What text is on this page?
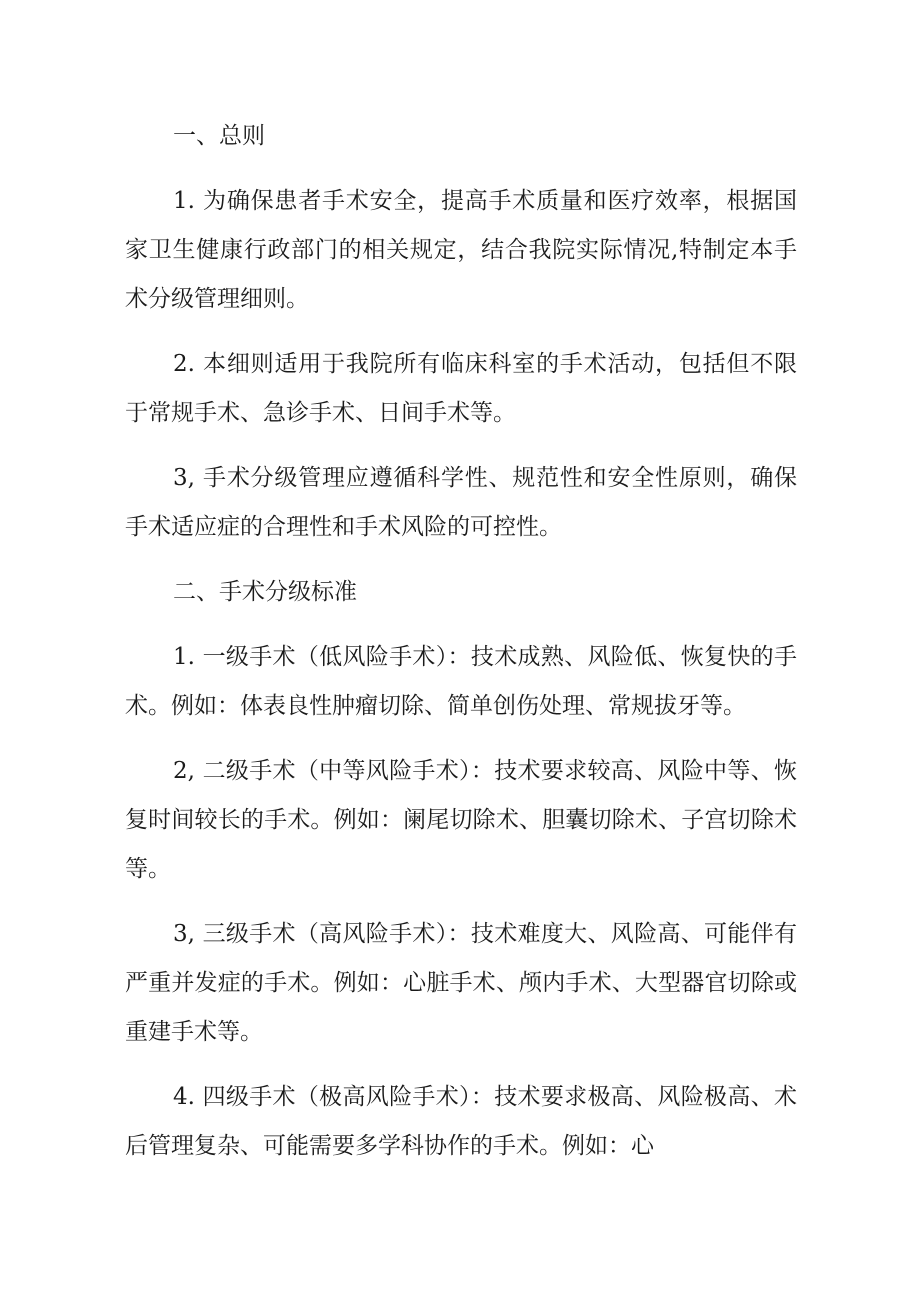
一、总则

1. 为确保患者手术安全，提高手术质量和医疗效率，根据国家卫生健康行政部门的相关规定，结合我院实际情况,特制定本手术分级管理细则。

2. 本细则适用于我院所有临床科室的手术活动，包括但不限于常规手术、急诊手术、日间手术等。

3, 手术分级管理应遵循科学性、规范性和安全性原则，确保手术适应症的合理性和手术风险的可控性。

二、手术分级标准

1. 一级手术（低风险手术）：技术成熟、风险低、恢复快的手术。例如：体表良性肿瘤切除、简单创伤处理、常规拔牙等。

2, 二级手术（中等风险手术）：技术要求较高、风险中等、恢复时间较长的手术。例如：阑尾切除术、胆囊切除术、子宫切除术等。

3, 三级手术（高风险手术）：技术难度大、风险高、可能伴有严重并发症的手术。例如：心脏手术、颅内手术、大型器官切除或重建手术等。

4. 四级手术（极高风险手术）：技术要求极高、风险极高、术后管理复杂、可能需要多学科协作的手术。例如：心
